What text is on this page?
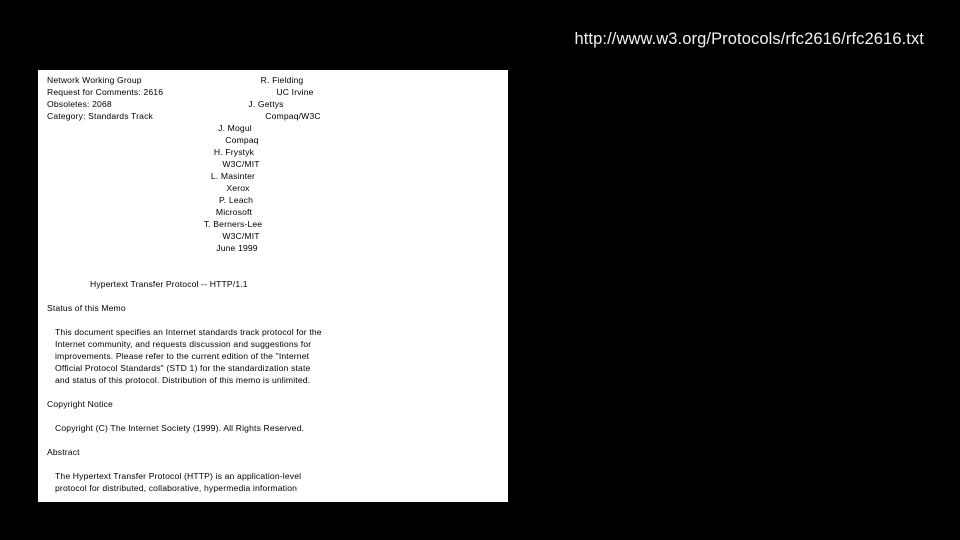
http://www.w3.org/Protocols/rfc2616/rfc2616.txt
Network Working Group
Request for Comments: 2616
Obsoletes: 2068
Category: Standards Track
R. Fielding
UC Irvine
J. Gettys
Compaq/W3C
J. Mogul
Compaq
H. Frystyk
W3C/MIT
L. Masinter
Xerox
P. Leach
Microsoft
T. Berners-Lee
W3C/MIT
June 1999
Hypertext Transfer Protocol -- HTTP/1.1
Status of this Memo
This document specifies an Internet standards track protocol for the
Internet community, and requests discussion and suggestions for
improvements. Please refer to the current edition of the "Internet
Official Protocol Standards" (STD 1) for the standardization state
and status of this protocol. Distribution of this memo is unlimited.
Copyright Notice
Copyright (C) The Internet Society (1999). All Rights Reserved.
Abstract
The Hypertext Transfer Protocol (HTTP) is an application-level
protocol for distributed, collaborative, hypermedia information
